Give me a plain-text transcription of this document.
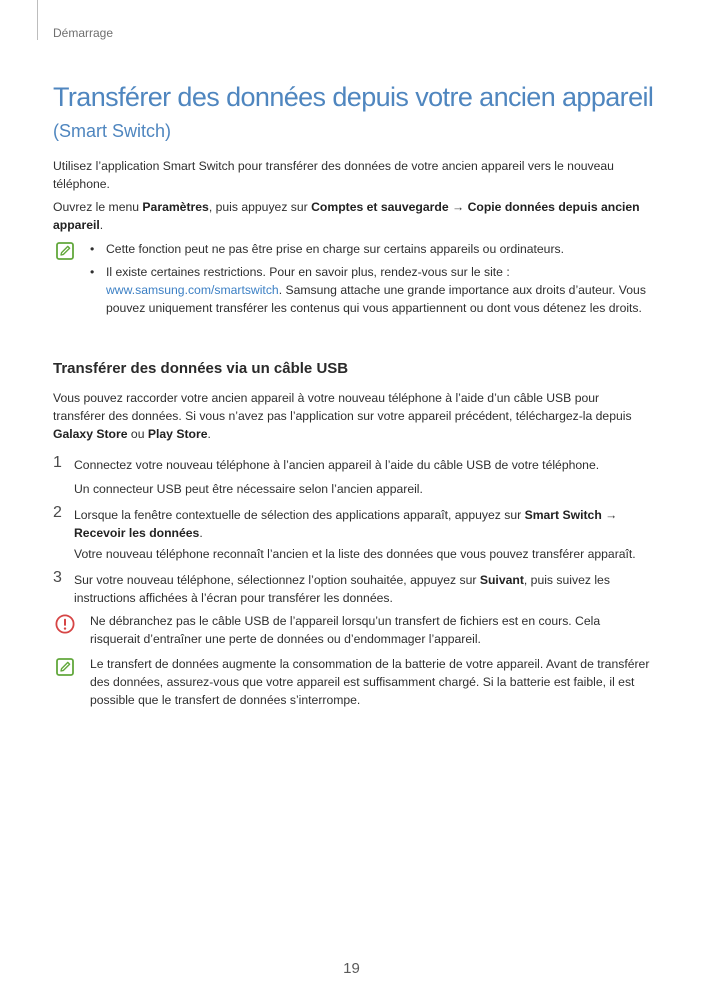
Démarrage
Transférer des données depuis votre ancien appareil
(Smart Switch)

Utilisez l’application Smart Switch pour transférer des données de votre ancien appareil vers le nouveau téléphone.

Ouvrez le menu Paramètres, puis appuyez sur Comptes et sauvegarde → Copie données depuis ancien appareil.

• Cette fonction peut ne pas être prise en charge sur certains appareils ou ordinateurs.
• Il existe certaines restrictions. Pour en savoir plus, rendez-vous sur le site : www.samsung.com/smartswitch. Samsung attache une grande importance aux droits d’auteur. Vous pouvez uniquement transférer les contenus qui vous appartiennent ou dont vous détenez les droits.
Transférer des données via un câble USB

Vous pouvez raccorder votre ancien appareil à votre nouveau téléphone à l’aide d’un câble USB pour transférer des données. Si vous n’avez pas l’application sur votre appareil précédent, téléchargez-la depuis Galaxy Store ou Play Store.

1 Connectez votre nouveau téléphone à l’ancien appareil à l’aide du câble USB de votre téléphone.

Un connecteur USB peut être nécessaire selon l’ancien appareil.

2 Lorsque la fenêtre contextuelle de sélection des applications apparaît, appuyez sur Smart Switch → Recevoir les données.

Votre nouveau téléphone reconnaît l’ancien et la liste des données que vous pouvez transférer apparaît.

3 Sur votre nouveau téléphone, sélectionnez l’option souhaitée, appuyez sur Suivant, puis suivez les instructions affichées à l’écran pour transférer les données.

Ne débranchez pas le câble USB de l’appareil lorsqu’un transfert de fichiers est en cours. Cela risquerait d’entraîner une perte de données ou d’endommager l’appareil.

Le transfert de données augmente la consommation de la batterie de votre appareil. Avant de transférer des données, assurez-vous que votre appareil est suffisamment chargé. Si la batterie est faible, il est possible que le transfert de données s’interrompe.

19
